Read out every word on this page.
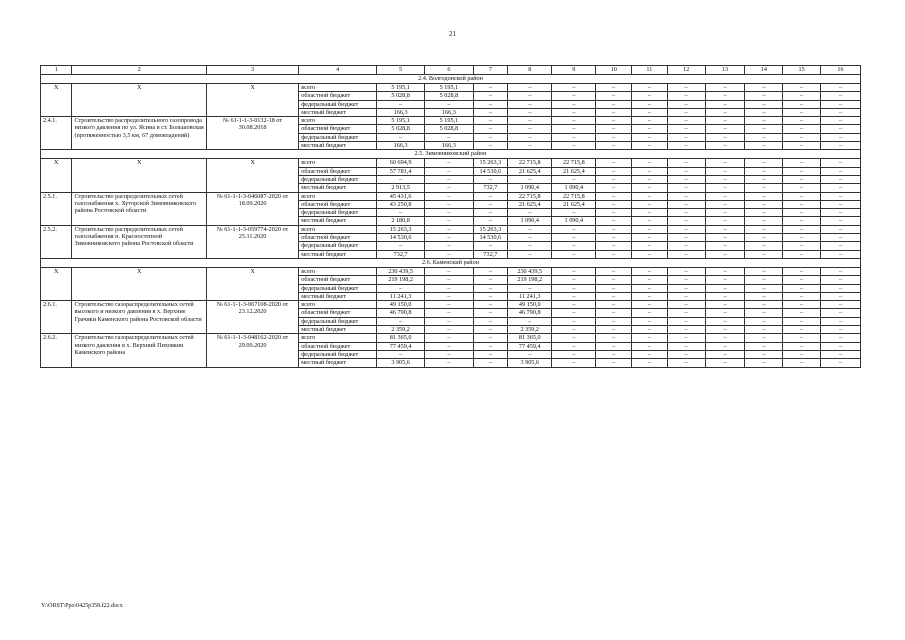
21
1	2	3	4	5	6	7	8	9	10	11	12	13	14	15	16
2.4. Волгодонской район															
Х	Х	Х	всего	5 195,1	5 195,1	–	–	–	–	–	–	–	–	–	–
			областной бюджет	5 028,8	5 028,8	–	–	–	–	–	–	–	–	–	–
			федеральный бюджет	–	–	–	–	–	–	–	–	–	–	–	–
			местный бюджет	166,3	166,3	–	–	–	–	–	–	–	–	–	–
2.4.1.	Строительство распределительного газопровода низкого давления по ул. Ясина в ст. Большовская (протяженностью 3,5 км, 67 домовладений)	№ 61-1-1-3-0132-18 от 30.08.2018	всего	5 195,1	5 195,1	–	–	–	–	–	–	–	–	–	–
			областной бюджет	5 028,8	5 028,8	–	–	–	–	–	–	–	–	–	–
			федеральный бюджет	–	–	–	–	–	–	–	–	–	–	–	–
			местный бюджет	166,3	166,3	–	–	–	–	–	–	–	–	–	–
2.5. Зимовниковский район															
Х	Х	Х	всего	60 694,9	–	15 263,3	22 715,8	22 715,8	–	–	–	–	–	–	–
			областной бюджет	57 781,4	–	14 530,6	21 625,4	21 625,4	–	–	–	–	–	–	–
			федеральный бюджет	–	–	–	–	–	–	–	–	–	–	–	–
			местный бюджет	2 913,5	–	732,7	1 090,4	1 090,4	–	–	–	–	–	–	–
2.5.1.	Строительство распределительных сетей газоснабжения х. Хуторской Зимовниковского района Ростовской области	№ 61-1-1-3-046087-2020 от 18.09.2020	всего	45 431,6	–	–	22 715,8	22 715,8	–	–	–	–	–	–	–
			областной бюджет	43 250,8	–	–	21 625,4	21 625,4	–	–	–	–	–	–	–
			федеральный бюджет	–	–	–	–	–	–	–	–	–	–	–	–
			местный бюджет	2 180,8	–	–	1 090,4	1 090,4	–	–	–	–	–	–	–
2.5.2.	Строительство распределительных сетей газоснабжения п. Красностепной Зимовниковского района Ростовской области	№ 61-1-1-3-059774-2020 от 25.11.2020	всего	15 263,3	–	15 263,3	–	–	–	–	–	–	–	–	–
			областной бюджет	14 530,6	–	14 530,6	–	–	–	–	–	–	–	–	–
			федеральный бюджет	–	–	–	–	–	–	–	–	–	–	–	–
			местный бюджет	732,7	–	732,7	–	–	–	–	–	–	–	–	–
2.6. Каменский район															
Х	Х	Х	всего	230 439,5	–	–	230 439,5	–	–	–	–	–	–	–	–
			областной бюджет	219 198,2	–	–	219 198,2	–	–	–	–	–	–	–	–
			федеральный бюджет	–	–	–	–	–	–	–	–	–	–	–	–
			местный бюджет	11 241,3	–	–	11 241,3	–	–	–	–	–	–	–	–
2.6.1.	Строительство газораспределительных сетей высокого и низкого давления в х. Верхние Грачики Каменского района Ростовской области	№ 61-1-1-3-067108-2020 от 23.12.2020	всего	49 150,0	–	–	49 150,0	–	–	–	–	–	–	–	–
			областной бюджет	46 790,8	–	–	46 790,8	–	–	–	–	–	–	–	–
			федеральный бюджет	–	–	–	–	–	–	–	–	–	–	–	–
			местный бюджет	2 359,2	–	–	2 359,2	–	–	–	–	–	–	–	–
2.6.2.	Строительство газораспределительных сетей низкого давления в х. Верхний Пиховкин Каменского района	№ 61-1-1-3-048162-2020 от 29.09.2020	всего	81 365,0	–	–	81 365,0	–	–	–	–	–	–	–	–
			областной бюджет	77 459,4	–	–	77 459,4	–	–	–	–	–	–	–	–
			федеральный бюджет	–	–	–	–	–	–	–	–	–	–	–	–
			местный бюджет	3 905,6	–	–	3 905,6	–	–	–	–	–	–	–	–
Y:\ORST\Ppo\0425p358.f22.docx
